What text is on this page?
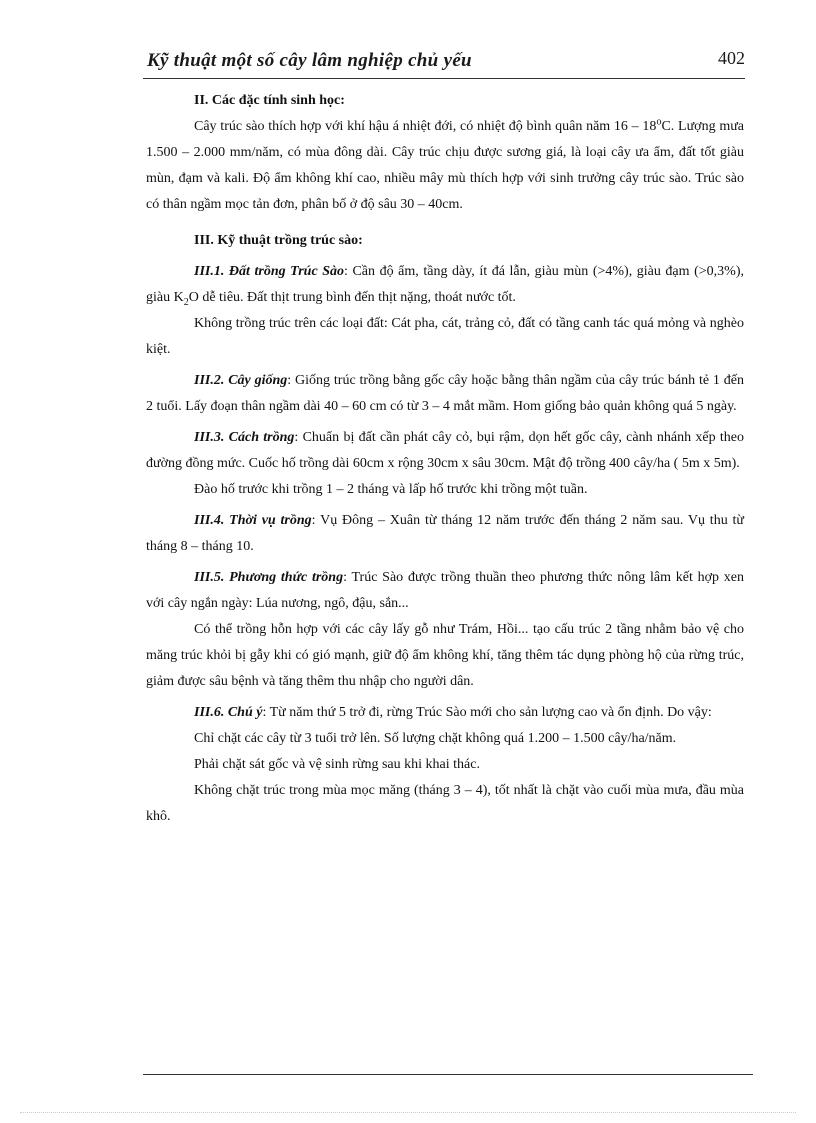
Kỹ thuật một số cây lâm nghiệp chủ yếu	402

II. Các đặc tính sinh học:

Cây trúc sào thích hợp với khí hậu á nhiệt đới, có nhiệt độ bình quân năm 16 – 18$^o$C. Lượng mưa 1.500 – 2.000 mm/năm, có mùa đông dài. Cây trúc chịu được sương giá, là loại cây ưa ẩm, đất tốt giàu mùn, đạm và kali. Độ ẩm không khí cao, nhiều mây mù thích hợp với sinh trưởng cây trúc sào. Trúc sào có thân ngầm mọc tản đơn, phân bố ở độ sâu 30 – 40cm.

III. Kỹ thuật trồng trúc sào:

III.1. Đất trồng Trúc Sào: Cần độ ẩm, tầng dày, ít đá lẫn, giàu mùn (>4%), giàu đạm (>0,3%), giàu $K_2O$ dễ tiêu. Đất thịt trung bình đến thịt nặng, thoát nước tốt.

Không trồng trúc trên các loại đất: Cát pha, cát, trảng cỏ, đất có tầng canh tác quá mỏng và nghèo kiệt.

III.2. Cây giống: Giống trúc trồng bằng gốc cây hoặc bằng thân ngầm của cây trúc bánh tẻ 1 đến 2 tuổi. Lấy đoạn thân ngầm dài 40 – 60 cm có từ 3 – 4 mắt mầm. Hom giống bảo quản không quá 5 ngày.

III.3. Cách trồng: Chuẩn bị đất cần phát cây cỏ, bụi rậm, dọn hết gốc cây, cành nhánh xếp theo đường đồng mức. Cuốc hố trồng dài 60cm x rộng 30cm x sâu 30cm. Mật độ trồng 400 cây/ha ( 5m x 5m).

Đào hố trước khi trồng 1 – 2 tháng và lấp hố trước khi trồng một tuần.

III.4. Thời vụ trồng: Vụ Đông – Xuân từ tháng 12 năm trước đến tháng 2 năm sau. Vụ thu từ tháng 8 – tháng 10.

III.5. Phương thức trồng: Trúc Sào được trồng thuần theo phương thức nông lâm kết hợp xen với cây ngắn ngày: Lúa nương, ngô, đậu, sắn...

Có thể trồng hỗn hợp với các cây lấy gỗ như Trám, Hồi... tạo cấu trúc 2 tầng nhằm bảo vệ cho măng trúc khỏi bị gẫy khi có gió mạnh, giữ độ ẩm không khí, tăng thêm tác dụng phòng hộ của rừng trúc, giảm được sâu bệnh và tăng thêm thu nhập cho người dân.

III.6. Chú ý: Từ năm thứ 5 trở đi, rừng Trúc Sào mới cho sản lượng cao và ổn định. Do vậy:

Chỉ chặt các cây từ 3 tuổi trở lên. Số lượng chặt không quá 1.200 – 1.500 cây/ha/năm.

Phải chặt sát gốc và vệ sinh rừng sau khi khai thác.

Không chặt trúc trong mùa mọc măng (tháng 3 – 4), tốt nhất là chặt vào cuối mùa mưa, đầu mùa khô.
